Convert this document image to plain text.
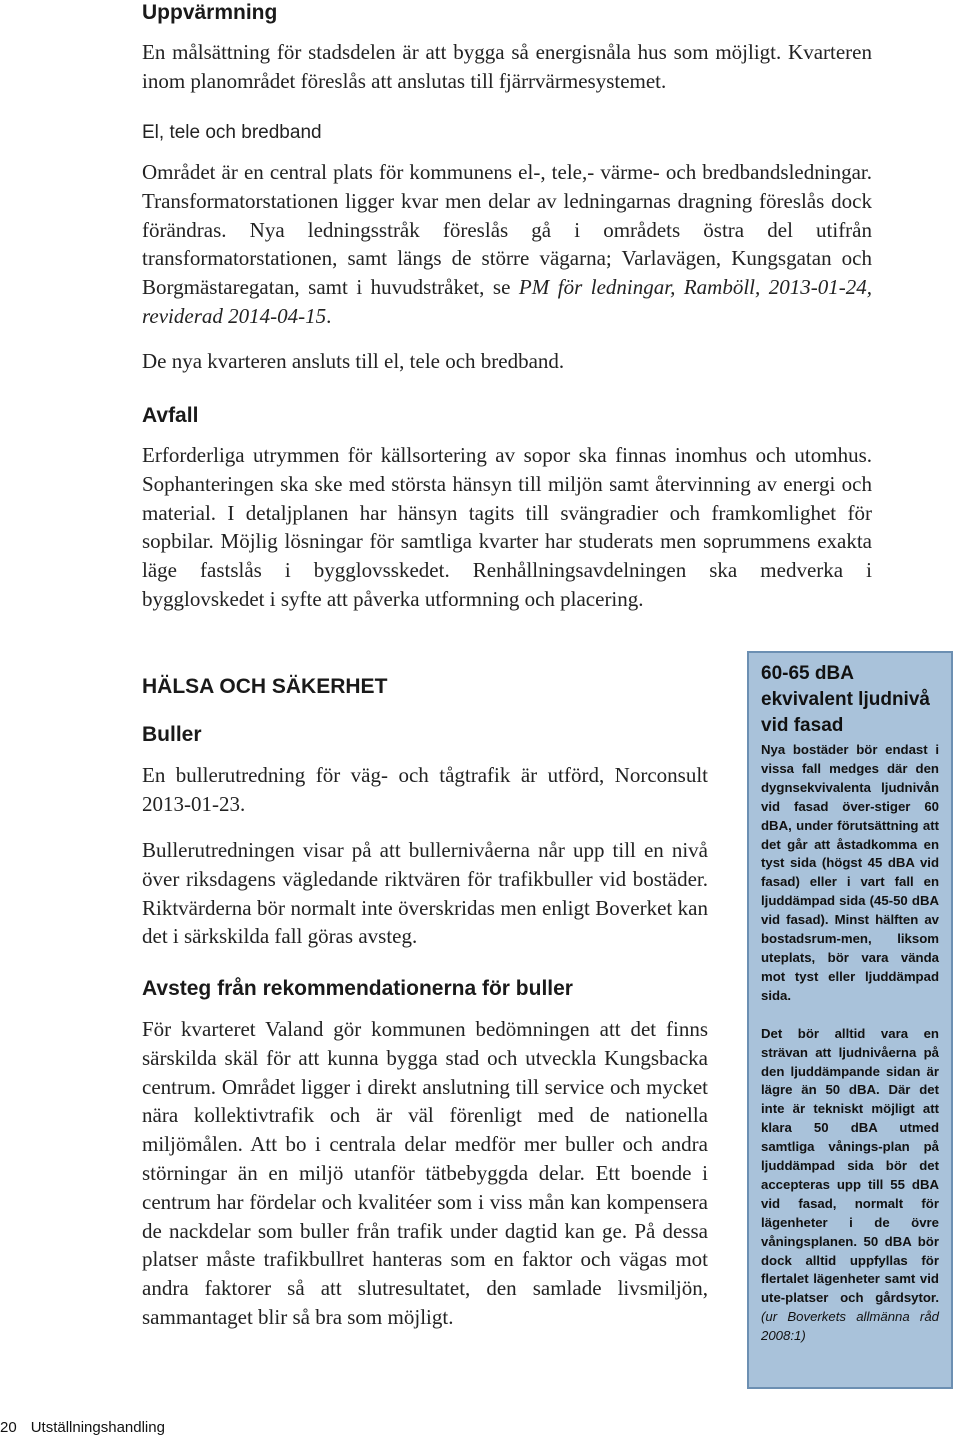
Uppvärmning

En målsättning för stadsdelen är att bygga så energisnåla hus som möjligt. Kvarteren inom planområdet föreslås att anslutas till fjärrvärmesystemet.

El, tele och bredband

Området är en central plats för kommunens el-, tele,- värme- och bredbandsledningar. Transformatorstationen ligger kvar men delar av ledningarnas dragning föreslås dock förändras. Nya ledningsstråk föreslås gå i områdets östra del utifrån transformatorstationen, samt längs de större vägarna; Varlavägen, Kungsgatan och Borgmästaregatan, samt i huvudstråket, se PM för ledningar, Ramböll, 2013-01-24, reviderad 2014-04-15.

De nya kvarteren ansluts till el, tele och bredband.

Avfall

Erforderliga utrymmen för källsortering av sopor ska finnas inomhus och utomhus. Sophanteringen ska ske med största hänsyn till miljön samt återvinning av energi och material. I detaljplanen har hänsyn tagits till svängradier och framkomlighet för sopbilar. Möjlig lösningar för samtliga kvarter har studerats men soprummens exakta läge fastslås i bygglovsskedet. Renhållningsavdelningen ska medverka i bygglovskedet i syfte att påverka utformning och placering.

HÄLSA OCH SÄKERHET
Buller

En bullerutredning för väg- och tågtrafik är utförd, Norconsult 2013-01-23.

Bullerutredningen visar på att bullernivåerna når upp till en nivå över riksdagens vägledande riktvären för trafikbuller vid bostäder. Riktvärderna bör normalt inte överskridas men enligt Boverket kan det i särkskilda fall göras avsteg.

Avsteg från rekommendationerna för buller

För kvarteret Valand gör kommunen bedömningen att det finns särskilda skäl för att kunna bygga stad och utveckla Kungsbacka centrum. Området ligger i direkt anslutning till service och mycket nära kollektivtrafik och är väl förenligt med de nationella miljömålen. Att bo i centrala delar medför mer buller och andra störningar än en miljö utanför tätbebyggda delar. Ett boende i centrum har fördelar och kvalitéer som i viss mån kan kompensera de nackdelar som buller från trafik under dagtid kan ge. På dessa platser måste trafikbullret hanteras som en faktor och vägas mot andra faktorer så att slutresultatet, den samlade livsmiljön, sammantaget blir så bra som möjligt.

60-65 dBA ekvivalent ljudnivå vid fasad

Nya bostäder bör endast i vissa fall medges där den dygnsekvivalenta ljudnivån vid fasad över-stiger 60 dBA, under förutsättning att det går att åstadkomma en tyst sida (högst 45 dBA vid fasad) eller i vart fall en ljuddämpad sida (45-50 dBA vid fasad). Minst hälften av bostadsrum-men, liksom uteplats, bör vara vända mot tyst eller ljuddämpad sida.

Det bör alltid vara en strävan att ljudnivåerna på den ljuddämpande sidan är lägre än 50 dBA. Där det inte är tekniskt möjligt att klara 50 dBA utmed samtliga vånings-plan på ljuddämpad sida bör det accepteras upp till 55 dBA vid fasad, normalt för lägenheter i de övre våningsplanen. 50 dBA bör dock alltid uppfyllas för flertalet lägenheter samt vid ute-platser och gårdsytor. (ur Boverkets allmänna råd 2008:1)

20 Utställningshandling
